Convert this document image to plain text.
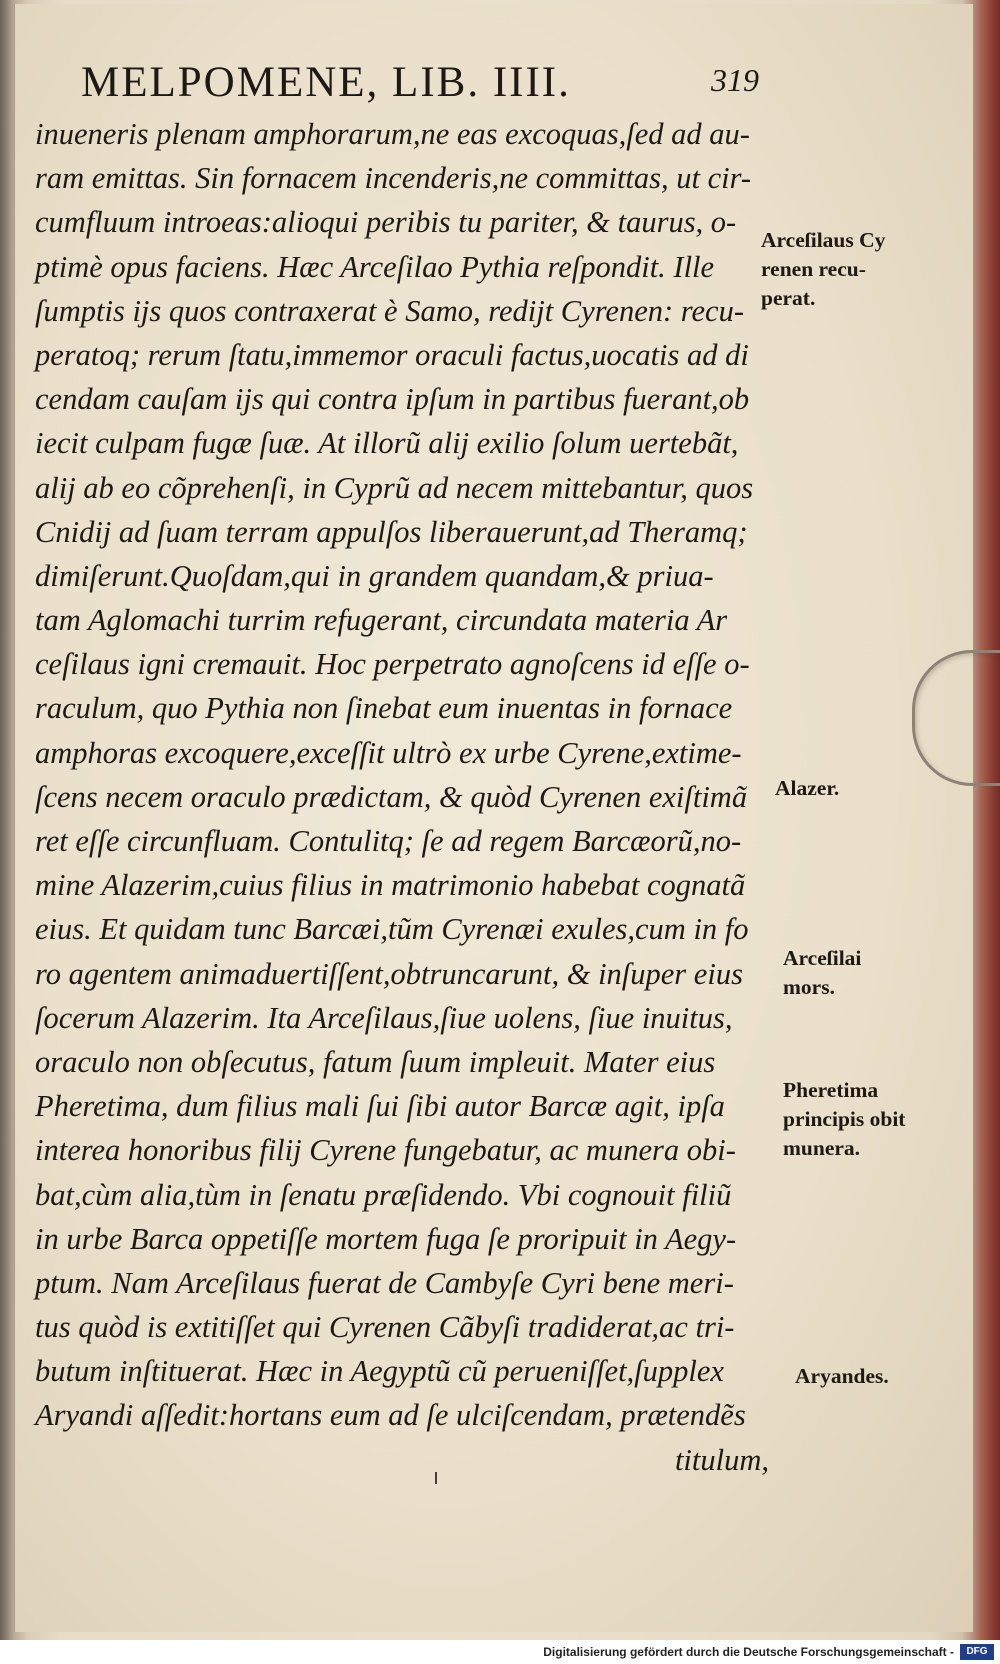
MELPOMENE, LIB. IIII.	319
inueneris plenam amphorarum,ne eas excoquas,ſed ad au-
ram emittas. Sin fornacem incenderis,ne committas, ut cir-
cumfluum introeas:alioqui peribis tu pariter, & taurus, o-
ptimè opus faciens. Hæc Arceſilao Pythia reſpondit. Ille
ſumptis ijs quos contraxerat è Samo, rediјt Cyrenen: recu-
peratoq; rerum ſtatu,immemor oraculi factus,uocatis ad di
cendam cauſam ijs qui contra ipſum in partibus fuerant,ob
iecit culpam fugæ ſuæ. At illorũ alij exilio ſolum uertebãt,
alij ab eo cõprehenſi, in Cyprũ ad necem mittebantur, quos
Cnidij ad ſuam terram appulſos liberauerunt,ad Theramq;
dimiſerunt.Quoſdam,qui in grandem quandam,& priua-
tam Aglomachi turrim refugerant, circundata materia Ar
ceſilaus igni cremauit. Hoc perpetrato agnoſcens id eſſe o-
raculum, quo Pythia non ſinebat eum inuentas in fornace
amphoras excoquere,exceſſit ultrò ex urbe Cyrene,extime-
ſcens necem oraculo prædictam, & quòd Cyrenen exiſtimã
ret eſſe circunfluam. Contulitq; ſe ad regem Barcæorũ,no-
mine Alazerim,cuius filius in matrimonio habebat cognatã
eius. Et quidam tunc Barcæi,tũm Cyrenæi exules,cum in fo
ro agentem animaduertiſſent,obtruncarunt, & inſuper eius
ſocerum Alazerim. Ita Arceſilaus,ſiue uolens, ſiue inuitus,
oraculo non obſecutus, fatum ſuum impleuit. Mater eius
Pheretima, dum filius mali ſui ſibi autor Barcæ agit, ipſa
interea honoribus filij Cyrene fungebatur, ac munera obi-
bat,cùm alia,tùm in ſenatu præſidendo. Vbi cognouit filiũ
in urbe Barca oppetiſſe mortem fuga ſe proripuit in Aegy-
ptum. Nam Arceſilaus fuerat de Cambyſe Cyri bene meri-
tus quòd is extitiſſet qui Cyrenen Cãbyſi tradiderat,ac tri-
butum inſtituerat. Hæc in Aegyptũ cũ perueniſſet,ſupplex
Aryandi aſſedit:hortans eum ad ſe ulciſcendam, prætendẽs
titulum,
Arceſilaus Cy
renen recu-
perat.
Alazer.
Arceſilai
mors.
Pheretima
principis obit
munera.
Aryandes.
Digitalisierung gefördert durch die Deutsche Forschungsgemeinschaft -	DFG
